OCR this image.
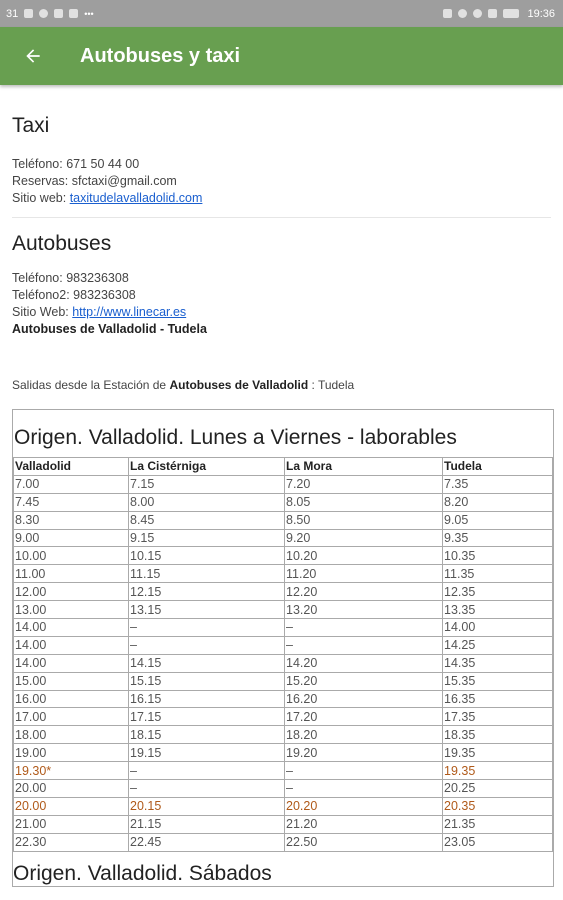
31	•••	19:36
Autobuses y taxi
Taxi
Teléfono: 671 50 44 00
Reservas: sfctaxi@gmail.com
Sitio web: taxitudelavalladolid.com
Autobuses
Teléfono: 983236308
Teléfono2: 983236308
Sitio Web: http://www.linecar.es
Autobuses de Valladolid - Tudela
Salidas desde la Estación de Autobuses de Valladolid : Tudela
Origen. Valladolid. Lunes a Viernes - laborables
Valladolid	La Cistérniga	La Mora	Tudela
7.00	7.15	7.20	7.35
7.45	8.00	8.05	8.20
8.30	8.45	8.50	9.05
9.00	9.15	9.20	9.35
10.00	10.15	10.20	10.35
11.00	11.15	11.20	11.35
12.00	12.15	12.20	12.35
13.00	13.15	13.20	13.35
14.00	–	–	14.00
14.00	–	–	14.25
14.00	14.15	14.20	14.35
15.00	15.15	15.20	15.35
16.00	16.15	16.20	16.35
17.00	17.15	17.20	17.35
18.00	18.15	18.20	18.35
19.00	19.15	19.20	19.35
19.30*	–	–	19.35
20.00	–	–	20.25
20.00	20.15	20.20	20.35
21.00	21.15	21.20	21.35
22.30	22.45	22.50	23.05
Origen. Valladolid. Sábados
